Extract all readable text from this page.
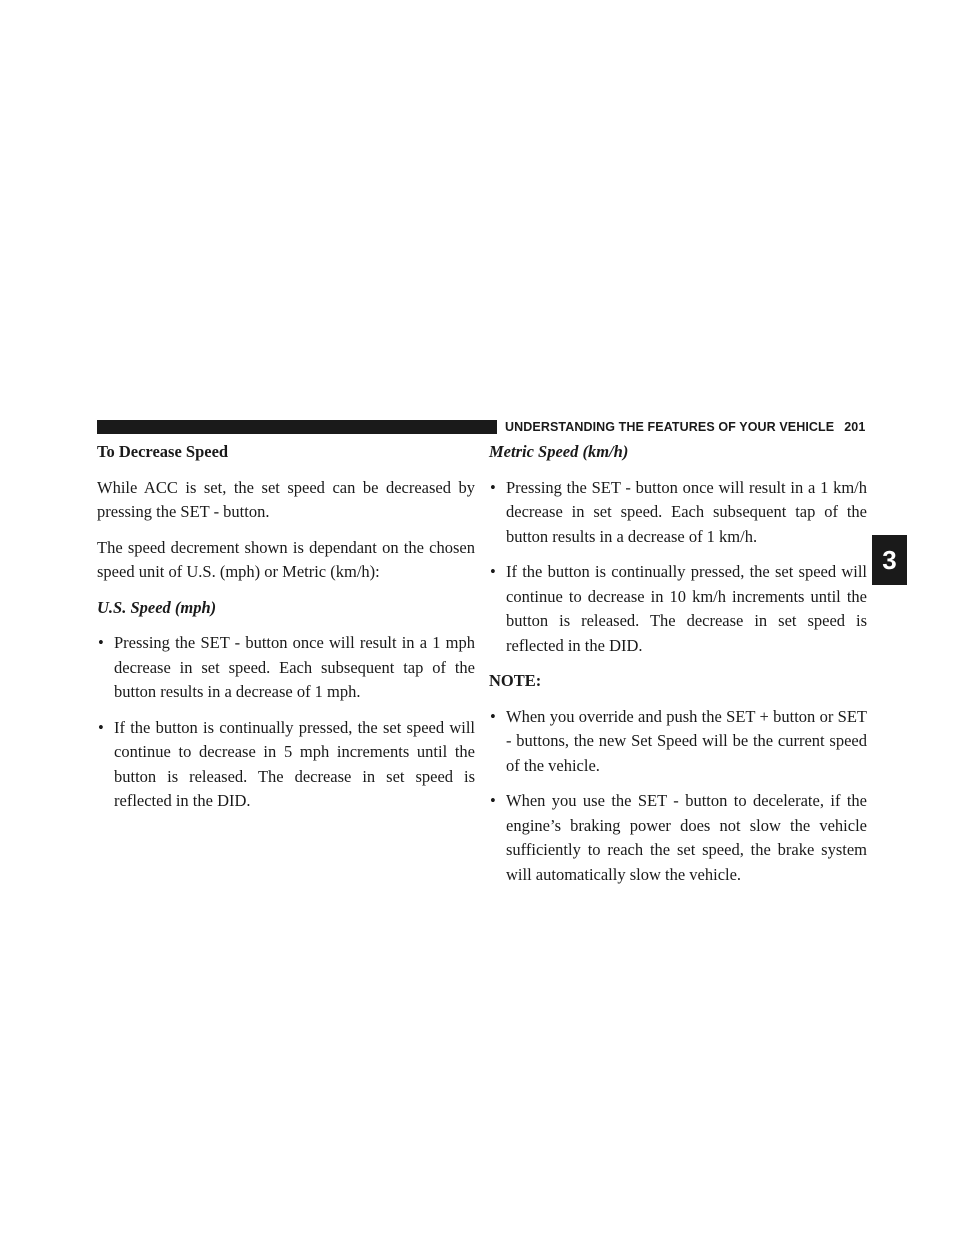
UNDERSTANDING THE FEATURES OF YOUR VEHICLE 201
3

To Decrease Speed

While ACC is set, the set speed can be decreased by pressing the SET - button.

The speed decrement shown is dependant on the chosen speed unit of U.S. (mph) or Metric (km/h):

U.S. Speed (mph)

• Pressing the SET - button once will result in a 1 mph decrease in set speed. Each subsequent tap of the button results in a decrease of 1 mph.
• If the button is continually pressed, the set speed will continue to decrease in 5 mph increments until the button is released. The decrease in set speed is reflected in the DID.

Metric Speed (km/h)

• Pressing the SET - button once will result in a 1 km/h decrease in set speed. Each subsequent tap of the button results in a decrease of 1 km/h.
• If the button is continually pressed, the set speed will continue to decrease in 10 km/h increments until the button is released. The decrease in set speed is reflected in the DID.

NOTE:

• When you override and push the SET + button or SET - buttons, the new Set Speed will be the current speed of the vehicle.
• When you use the SET - button to decelerate, if the engine’s braking power does not slow the vehicle sufficiently to reach the set speed, the brake system will automatically slow the vehicle.
